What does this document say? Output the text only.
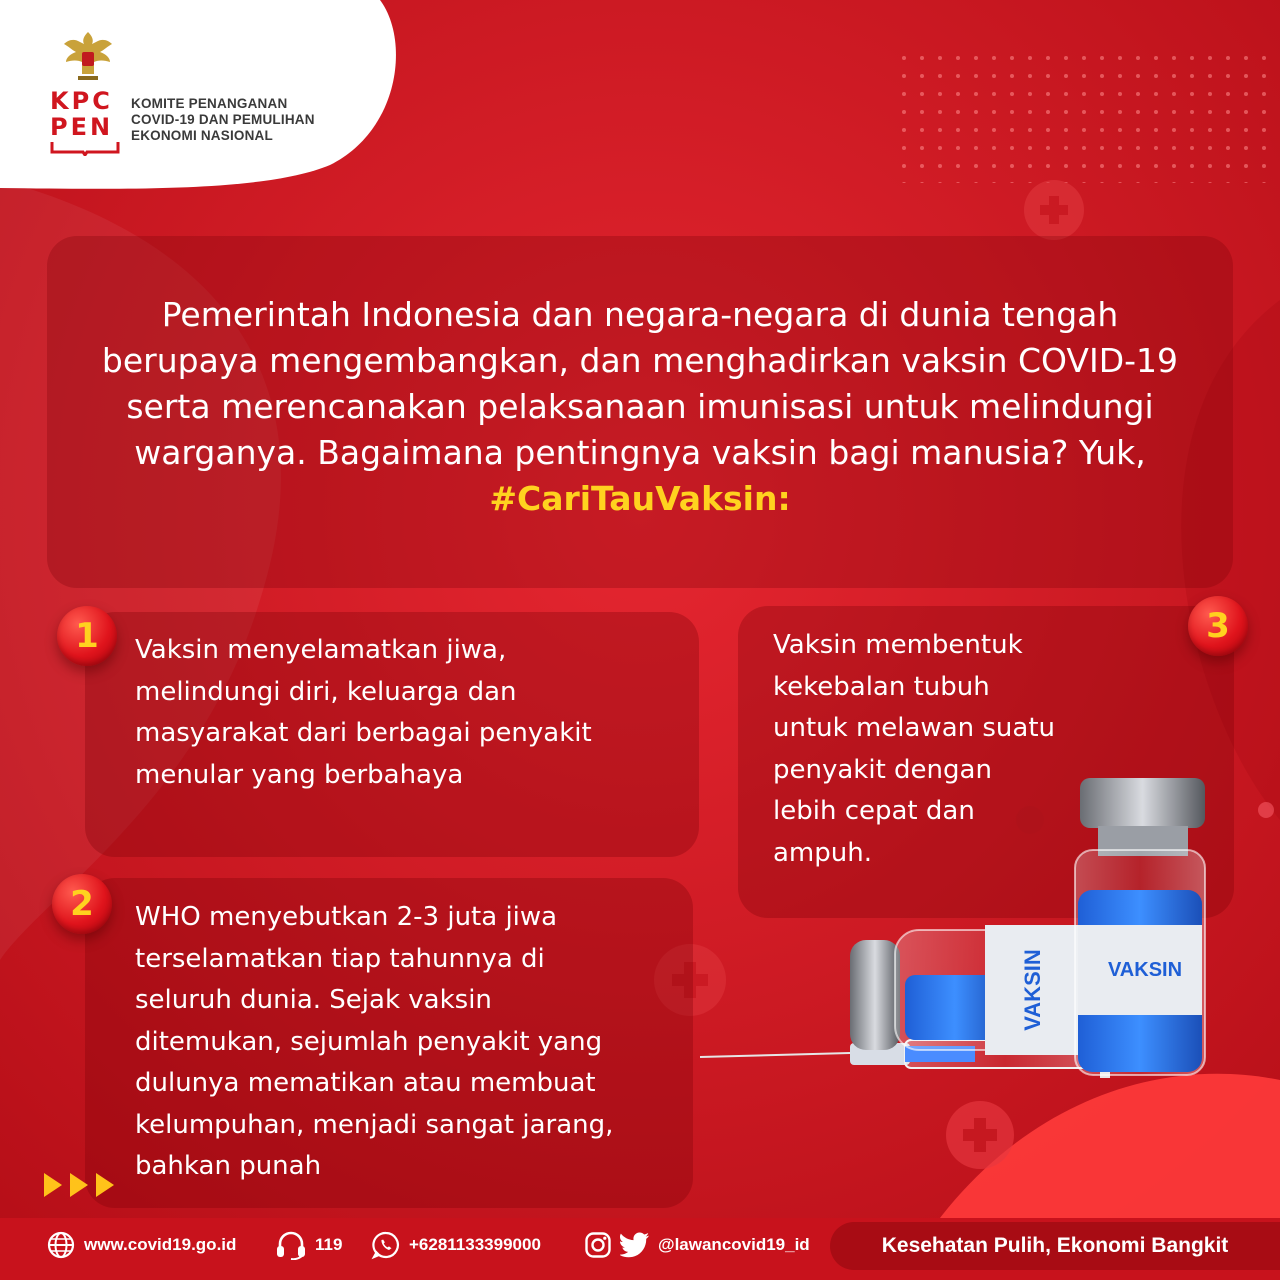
KPC
PEN
KOMITE PENANGANAN
COVID-19 DAN PEMULIHAN
EKONOMI NASIONAL
Pemerintah Indonesia dan negara-negara di dunia tengah berupaya mengembangkan, dan menghadirkan vaksin COVID-19 serta merencanakan pelaksanaan imunisasi untuk melindungi warganya. Bagaimana pentingnya vaksin bagi manusia? Yuk, #CariTauVaksin:
VAKSIN	VAKSIN
1
2
3
Vaksin menyelamatkan jiwa,
melindungi diri, keluarga dan
masyarakat dari berbagai penyakit
menular yang berbahaya
WHO menyebutkan 2-3 juta jiwa
terselamatkan tiap tahunnya di
seluruh dunia. Sejak vaksin
ditemukan, sejumlah penyakit yang
dulunya mematikan atau membuat
kelumpuhan, menjadi sangat jarang,
bahkan punah
Vaksin membentuk
kekebalan tubuh
untuk melawan suatu
penyakit dengan
lebih cepat dan
ampuh.
www.covid19.go.id	119	+6281133399000	@lawancovid19_id	Kesehatan Pulih, Ekonomi Bangkit
